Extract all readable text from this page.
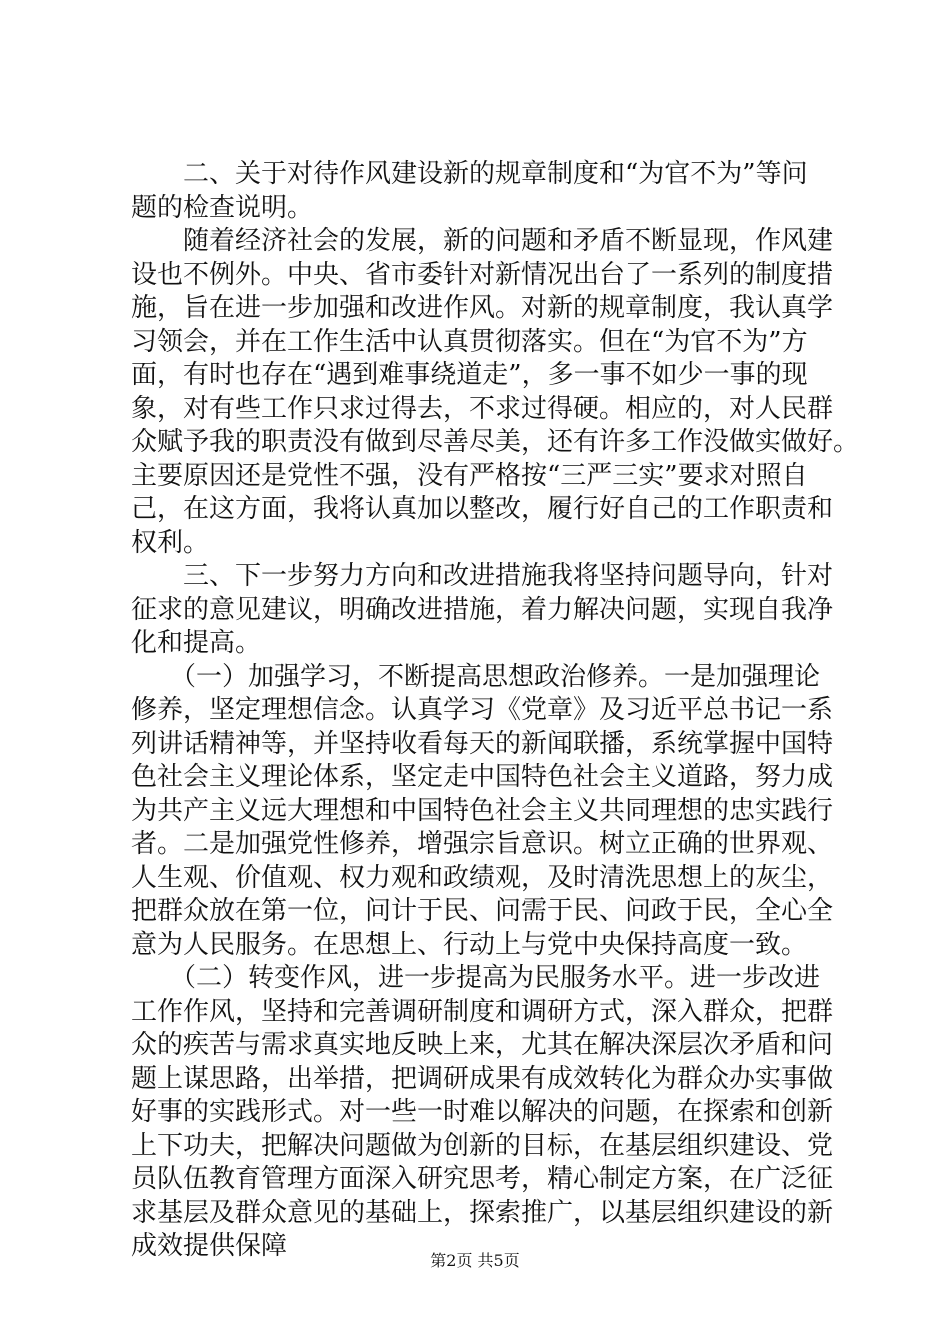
　　二、关于对待作风建设新的规章制度和“为官不为”等问
题的检查说明。
　　随着经济社会的发展，新的问题和矛盾不断显现，作风建
设也不例外。中央、省市委针对新情况出台了一系列的制度措
施，旨在进一步加强和改进作风。对新的规章制度，我认真学
习领会，并在工作生活中认真贯彻落实。但在“为官不为”方
面，有时也存在“遇到难事绕道走”，多一事不如少一事的现
象，对有些工作只求过得去，不求过得硬。相应的，对人民群
众赋予我的职责没有做到尽善尽美，还有许多工作没做实做好。
主要原因还是党性不强，没有严格按“三严三实”要求对照自
己，在这方面，我将认真加以整改，履行好自己的工作职责和
权利。
　　三、下一步努力方向和改进措施我将坚持问题导向，针对
征求的意见建议，明确改进措施，着力解决问题，实现自我净
化和提高。
　　（一）加强学习，不断提高思想政治修养。一是加强理论
修养，坚定理想信念。认真学习《党章》及习近平总书记一系
列讲话精神等，并坚持收看每天的新闻联播，系统掌握中国特
色社会主义理论体系，坚定走中国特色社会主义道路，努力成
为共产主义远大理想和中国特色社会主义共同理想的忠实践行
者。二是加强党性修养，增强宗旨意识。树立正确的世界观、
人生观、价值观、权力观和政绩观，及时清洗思想上的灰尘，
把群众放在第一位，问计于民、问需于民、问政于民，全心全
意为人民服务。在思想上、行动上与党中央保持高度一致。
　　（二）转变作风，进一步提高为民服务水平。进一步改进
工作作风，坚持和完善调研制度和调研方式，深入群众，把群
众的疾苦与需求真实地反映上来，尤其在解决深层次矛盾和问
题上谋思路，出举措，把调研成果有成效转化为群众办实事做
好事的实践形式。对一些一时难以解决的问题，在探索和创新
上下功夫，把解决问题做为创新的目标，在基层组织建设、党
员队伍教育管理方面深入研究思考，精心制定方案，在广泛征
求基层及群众意见的基础上，探索推广，以基层组织建设的新
成效提供保障	第2页 共5页
